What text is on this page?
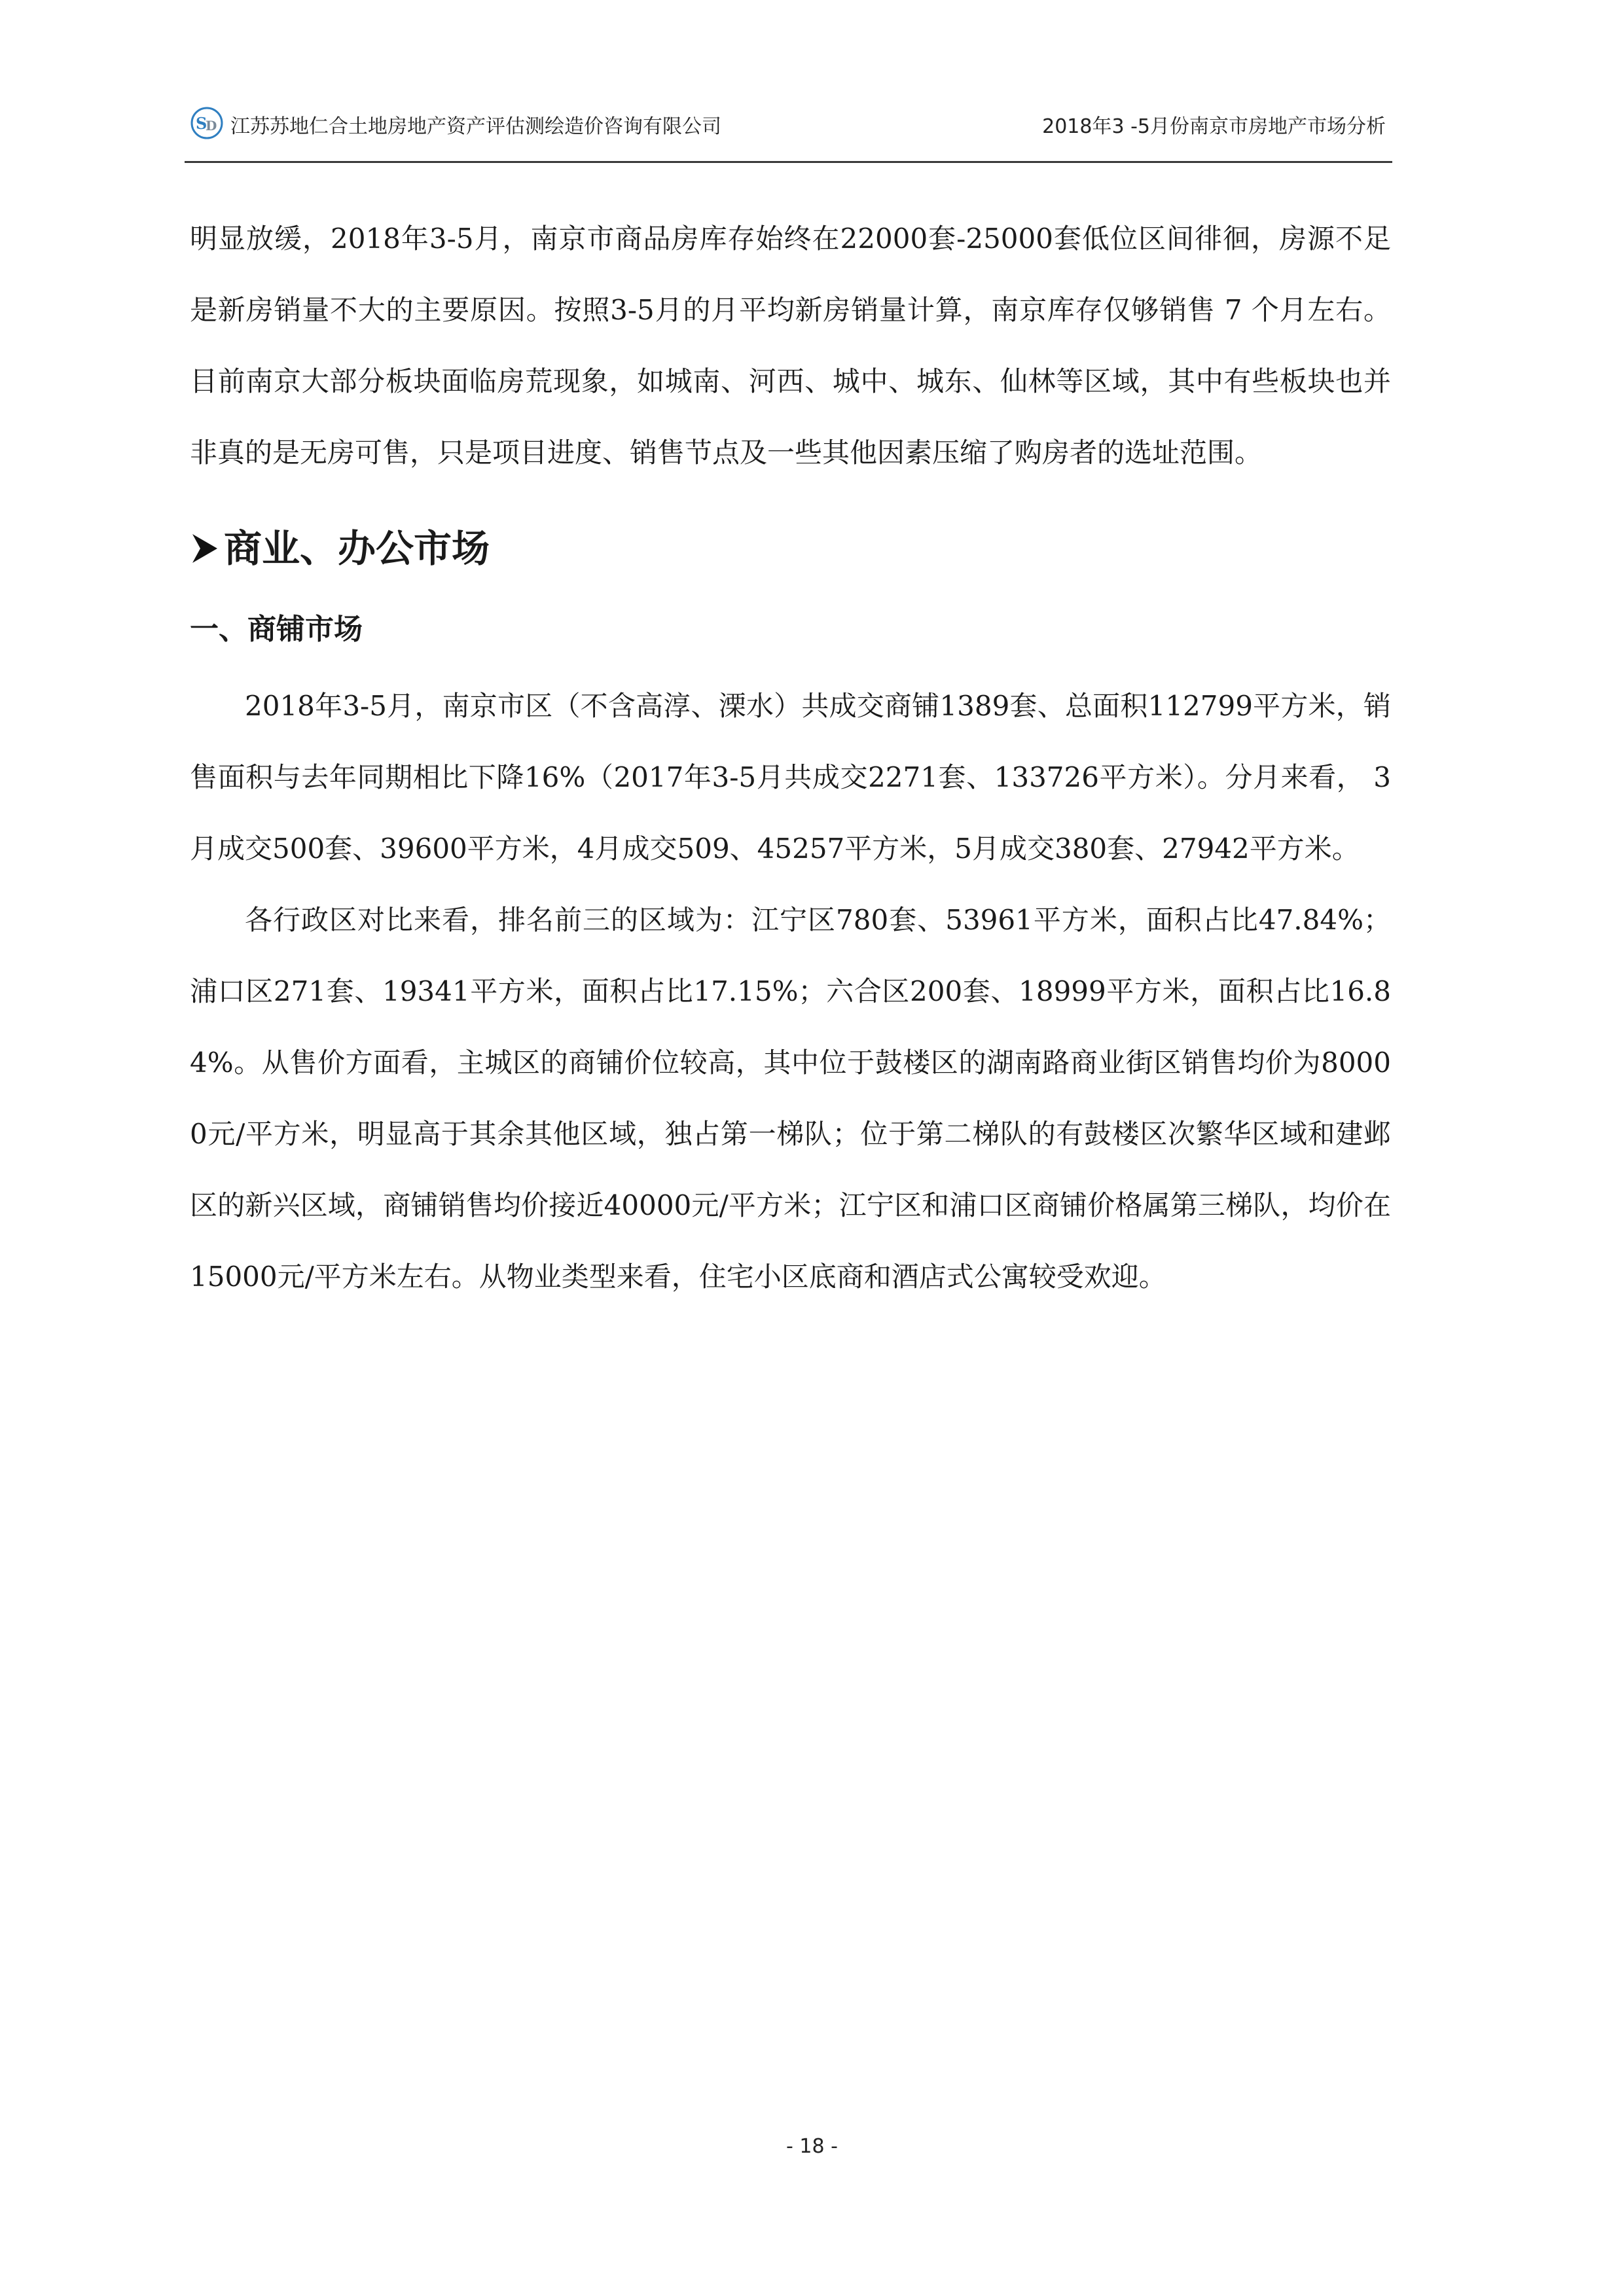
S
D 江苏苏地仁合土地房地产资产评估测绘造价咨询有限公司	2018年3 -5月份南京市房地产市场分析

明显放缓，2018年3-5月，南京市商品房库存始终在22000套-25000套低位区间徘徊，房源不足是新房销量不大的主要原因。按照3-5月的月平均新房销量计算，南京库存仅够销售 7 个月左右。目前南京大部分板块面临房荒现象，如城南、河西、城中、城东、仙林等区域，其中有些板块也并非真的是无房可售，只是项目进度、销售节点及一些其他因素压缩了购房者的选址范围。

商业、办公市场
一、商铺市场

2018年3-5月，南京市区（不含高淳、溧水）共成交商铺1389套、总面积112799平方米，销售面积与去年同期相比下降16%（2017年3-5月共成交2271套、133726平方米）。分月来看， 3月成交500套、39600平方米，4月成交509、45257平方米，5月成交380套、27942平方米。

各行政区对比来看，排名前三的区域为：江宁区780套、53961平方米，面积占比47.84%；浦口区271套、19341平方米，面积占比17.15%；六合区200套、18999平方米，面积占比16.84%。从售价方面看，主城区的商铺价位较高，其中位于鼓楼区的湖南路商业街区销售均价为80000元/平方米，明显高于其余其他区域，独占第一梯队；位于第二梯队的有鼓楼区次繁华区域和建邺区的新兴区域，商铺销售均价接近40000元/平方米；江宁区和浦口区商铺价格属第三梯队，均价在15000元/平方米左右。从物业类型来看，住宅小区底商和酒店式公寓较受欢迎。

- 18 -
